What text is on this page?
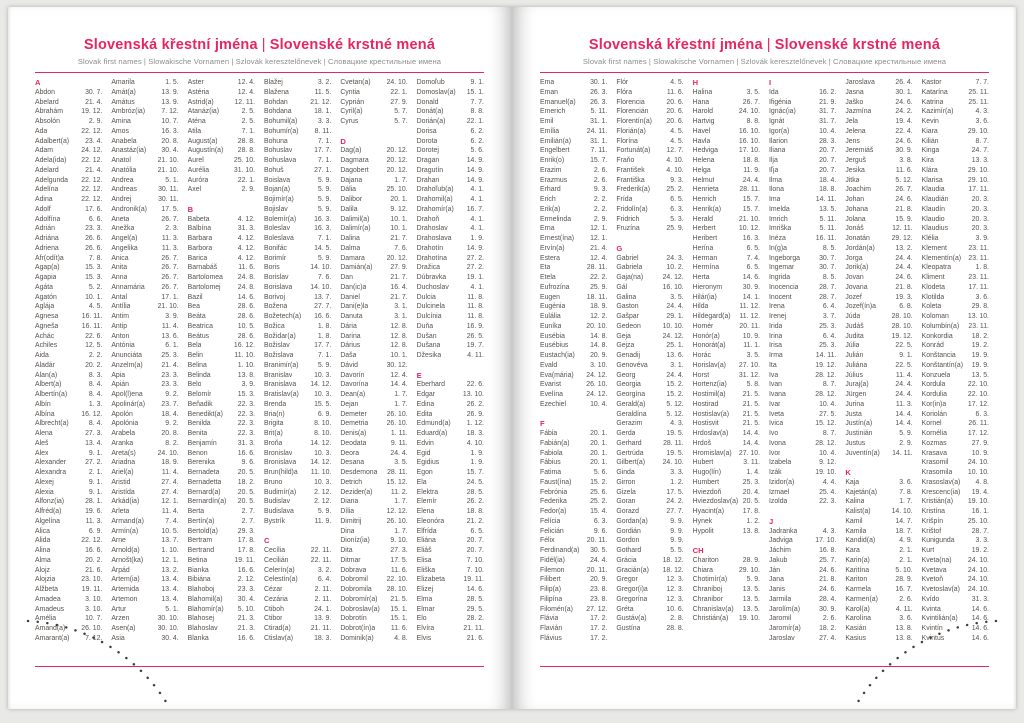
Slovenská křestní jména | Slovenské krstné mená

Slovak first names | Slowakische Vornamen | Szlovák keresztelőnevek | Словацкие крестильные имена

A
Abdon	30. 7.
Abelard	21. 4.
Abrahám	19. 12.
Absolón	2. 9.
Ada	22. 12.
Adalbert(a) 23. 4.
Adam	24. 12.
Adela(ida) 22. 12.
Adelard	21. 4.
Adelgunda 22. 12.
Adelína	22. 12.
Adina	22. 12.
Adolf	17. 6.
Adolfína	6. 6.
Adrián	23. 3.
Adriána	26. 6.
Adriena	26. 6.
Afr(odít)a	7. 8.
Agap(a)	15. 3.
Agapia	15. 3.
Agáta	5. 2.
Agatón	10. 1.
Aglája	4. 5.
Agnesa	16. 11.
Agneša	16. 11.
Achác	22. 6.
Achiles	12. 5.
Aida	2. 2.
Aladár	20. 2.
Alan(a)	8. 3.
Albert(a)	8. 4.
Albertín(a)	8. 4.
Albín	1. 3.
Albína	16. 12.
Albrecht(a)	8. 4.
Alena	27. 3.
Aleš	13. 4.
Alex	9. 1.
Alexander	27. 2.
Alexandra	2. 1.
Alexej	9. 1.
Alexia	9. 1.
Alfonz(ia)	28. 1.
Alfréd(a)	19. 6.
Algelína	11. 3.
Alica	6. 9.
Alida	22. 12.
Alina	16. 6.
Alma	20. 2.
Alojz	21. 6.
Alojzia	23. 10.
Alžbeta	19. 11.
Amadea	3. 10.
Amadeus	3. 10.
Amélia	10. 7.
Amand(a) 26. 10.
Amarant(a) 7. 12.
Amarila	1. 5.
Amát(a)	13. 9.
Amátus	13. 9.
Ambróz(ia) 7. 12.
Amina	10. 7.
Amos	16. 3.
Anabela	20. 8.
Anastáz(ia) 30. 4.
Anatol	21. 10.
Anatólia	21. 10.
Andrea	5. 1.
Andreas	30. 11.
Andrej	30. 11.
Andronik(a) 17. 5.
Aneta	26. 7.
Anežka	2. 3.
Angel(a)	11. 3.
Angelika	11. 3.
Anica	26. 7.
Anita	26. 7.
Anna	26. 7.
Annamária 26. 7.
Antal	17. 1.
Antília	21. 10.
Antim	3. 9.
Antip	11. 4.
Anton	13. 6.
Antónia	6. 1.
Anunciáta	25. 3.
Anzelm(a)	21. 4.
Apia	23. 3.
Apián	23. 3.
Apol(l)ena	9. 2.
Apolinár(a) 23. 7.
Apolón	18. 4.
Apolónia	9. 2.
Arabela	20. 8.
Aranka	8. 2.
Areta(s)	24. 10.
Ariadna	18. 9.
Ariel(a)	11. 4.
Aristid	27. 4.
Aristída	27. 4.
Arkád(ia)	12. 1.
Arleta	11. 4.
Armand(a)	7. 4.
Armín(a)	10. 5.
Arne	13. 7.
Arnold(a)	1. 10.
Arnošt(ka)	12. 1.
Árpád	13. 2.
Artem(ia)	13. 4.
Artemida	13. 4.
Artemon	13. 4.
Artur	5. 1.
Arzen	30. 10.
Asen(a)	30. 10.
Asia	30. 4.
Aster	12. 4.
Astéria	12. 4.
Astrid(a)	12. 11.
Atanáz(ia)	2. 5.
Aténa	2. 5.
Atila	7. 1.
August(a)	28. 8.
Augustín(a) 28. 8.
Aurel	25. 10.
Aurélia	31. 10.
Auróra	22. 1.
Axel	2. 9.
B
Babeta	4. 12.
Balbína	31. 3.
Barbara	4. 12.
Barbora	4. 12.
Barica	4. 12.
Barnabáš	11. 6.
Bartolomea 24. 8.
Bartolomej 24. 8.
Bazil	14. 6.
Bea	28. 6.
Beáta	28. 6.
Beatrica	10. 5.
Beátus	28. 6.
Bela	16. 12.
Belin	11. 10.
Belina	1. 10.
Belinda	13. 8.
Belo	3. 9.
Belomír	15. 3.
Beňadik	22. 3.
Benedikt(a) 22. 3.
Benilda	22. 3.
Benita	22. 3.
Benjamín	31. 3.
Benon	16. 6.
Berenika	9. 6.
Bernadeta	20. 5.
Bernadetta 18. 2.
Bernard(a) 20. 5.
Bernardín(a) 20. 5.
Berta	2. 7.
Bertín(a)	2. 7.
Bertold(a)	29. 3.
Bertram	17. 8.
Bertrand	17. 8.
Betina	19. 11.
Bianka	16. 6.
Bibiána	2. 12.
Blahoboj	23. 3.
Blahomil(a) 30. 4.
Blahomír(a) 5. 10.
Blahosej	21. 3.
Blahoslav	21. 3.
Blanka	16. 6.
Blažej	3. 2.
Blažena	11. 5.
Bohdan	21. 12.
Bohdana	18. 1.
Bohumil(a)	3. 3.
Bohumír(a) 8. 11.
Bohuna	7. 1.
Bohuslav	17. 7.
Bohuslava	7. 1.
Bohuš	27. 1.
Boislava	5. 9.
Bojan(a)	5. 9.
Bojimír(a)	5. 9.
Bojislav	5. 9.
Bolemír(a)	16. 3.
Boleslav	16. 3.
Boleslava	7. 1.
Bonifác	14. 5.
Borimír	5. 9.
Boris	14. 10.
Borislav	7. 6.
Borislava	14. 10.
Borivoj	13. 7.
Božena	27. 7.
Božetech(a) 16. 6.
Božica	1. 8.
Božidar(a)	1. 8.
Božislav	17. 7.
Božislava	7. 1.
Branimír(a)	5. 9.
Branislav	10. 3.
Branislava 14. 12.
Bratislav(a) 10. 3.
Brenda	15. 5.
Bria(n)	6. 9.
Brigita	8. 10.
Brit(a)	8. 10.
Broňa	14. 12.
Bronislav	10. 3.
Bronislava 14. 12.
Brun(hild)a 11. 10.
Bruno	10. 3.
Budimír(a)	2. 12.
Budislav	2. 12.
Budislava	5. 9.
Bystrík	11. 9.
C
Cecília	22. 11.
Cecilián	22. 11.
Celerín(a)	3. 2.
Celestín(a)	6. 4.
Cézar	2. 11.
Cezária	2. 11.
Ctiboh	24. 1.
Ctibor	13. 9.
Ctirad(a)	21. 11.
Ctislav(a)	18. 3.
Cvetan(a) 24. 10.
Cyntia	22. 1.
Cyprián	27. 9.
Cyril(a)	5. 7.
Cyrus	5. 7.
D
Dag(a)	20. 12.
Dagmara	20. 12.
Dagobert	20. 12.
Dajana	1. 7.
Dália	25. 10.
Dalibor	20. 1.
Dalila	9. 12.
Dalimil(a)	10. 1.
Dalimír(a)	10. 1.
Dalina	21. 7.
Dalma	7. 6.
Damara	20. 12.
Damián(a)	27. 9.
Dan	21. 7.
Dan(ic)a	16. 4.
Daniel	21. 7.
Dani(e)la	3. 1.
Danuta	3. 1.
Dária	12. 8.
Darina	12. 8.
Dárius	12. 8.
Daša	10. 1.
Dávid	30. 12.
Davorín	12. 4.
Davorína	14. 4.
Dean(a)	1. 7.
Dejan	1. 7.
Demeter	26. 10.
Demetria	26. 10.
Denis(a)	1. 11.
Deodata	9. 11.
Deora	24. 4.
Desana	3. 5.
Desdemona 28. 11.
Detrich	15. 12.
Dezider(a)	11. 2.
Diana	1. 7.
Dília	12. 12.
Dimitrij	26. 10.
Dina	1. 7.
Dioníz(ia)	9. 10.
Dita	27. 3.
Ditmar	17. 5.
Dobrava	11. 6.
Dobromil	22. 10.
Dobromila 28. 10.
Dobromír(a) 21. 5.
Dobroslav(a) 15. 1.
Dobrotín	15. 1.
Dobrot(ín)a 11. 6.
Dominik(a)	4. 8.
Domoľub	9. 1.
Domoslav(a) 15. 1.
Donald	7. 7.
Donát(a)	8. 8.
Dorián(a)	22. 1.
Dorisa	6. 2.
Dorota	6. 2.
Dorotej	5. 6.
Dragan	14. 9.
Dragutín	14. 9.
Drahan	14. 9.
Drahoľub(a) 4. 1.
Drahomil(a)	4. 1.
Drahomír(a) 16. 7.
Drahoň	4. 1.
Drahoslav	4. 1.
Drahoslava	1. 9.
Drahotín	14. 9.
Drahotína	27. 2.
Dražica	27. 2.
Dúbravka	19. 1.
Duchoslav	4. 1.
Dulcia	11. 8.
Dulcinela	11. 8.
Dulcínia	11. 8.
Duňa	16. 9.
Dušan	26. 5.
Dušana	19. 7.
Džesika	4. 11.
E
Eberhard	22. 6.
Edgar	13. 10.
Edina	26. 2.
Edita	26. 9.
Edmund(a) 1. 12.
Eduard(a)	18. 3.
Edvin	4. 10.
Egid	1. 9.
Egidius	1. 9.
Egon	15. 7.
Ela	24. 5.
Elektra	28. 5.
Elemír	26. 2.
Elena	18. 8.
Eleonóra	21. 2.
Elfrída	6. 5.
Eliána	20. 7.
Eliáš	20. 7.
Elisa	7. 10.
Eliška	7. 10.
Elizabeta	19. 11.
Elizej	14. 6.
Elma	28. 5.
Elmar	29. 5.
Elo	28. 2.
Elvíra	21. 11.
Elvis	21. 6.
Slovenská křestní jména | Slovenské krstné mená

Slovak first names | Slowakische Vornamen | Szlovák keresztelőnevek | Словацкие крестильные имена

Ema	30. 1.
Eman	26. 3.
Emanuel(a) 26. 3.
Emerich	5. 11.
Emil	31. 1.
Emília	24. 11.
Emilián(a)	31. 1.
Engelbert	7. 11.
Enrik(o)	15. 7.
Erazim	2. 6.
Erazmus	2. 6.
Erhard	9. 3.
Erich	2. 2.
Erik(a)	2. 2.
Ermelinda	2. 9.
Erna	12. 1.
Ernest(ína) 12. 1.
Ervín(a)	21. 4.
Estera	12. 4.
Eta	28. 11.
Etela	22. 2.
Eufrozína	25. 9.
Eugen	18. 11.
Eugénia	18. 9.
Eulália	12. 2.
Euníka	20. 10.
Eusébia	14. 8.
Eusébius	14. 8.
Eustach(ia) 20. 9.
Evald	3. 10.
Eva(mária) 24. 12.
Evarist	26. 10.
Evelína	24. 12.
Ezechiel	10. 4.
F
Fábia	20. 1.
Fabián(a)	20. 1.
Fabiola	20. 1.
Fábius	20. 1.
Fatima	5. 6.
Faust(ína)	15. 2.
Febrónia	25. 6.
Federika	25. 2.
Fedor(a)	15. 4.
Felícia	6. 3.
Felicián	9. 6.
Félix	20. 11.
Ferdinand(a) 30. 5.
Fidél(ia)	24. 4.
Filemon	20. 11.
Filibert	20. 9.
Filip(a)	23. 8.
Filipína	23. 8.
Filomén(a) 27. 12.
Flávia	17. 2.
Flavián	17. 2.
Flávius	17. 2.
Flór	4. 5.
Flóra	11. 6.
Florencia	20. 6.
Florencián	20. 6.
Florentín(a) 20. 6.
Florián(a)	4. 5.
Florína	4. 5.
Fortunát(a) 12. 7.
Fraňo	4. 10.
František	4. 10.
Františka	9. 3.
Frederik(a) 25. 2.
Frída	6. 5.
Fridolín(a)	6. 3.
Fridrich	5. 3.
Fruzína	25. 9.
G
Gabriel	24. 3.
Gabriela	10. 2.
Gaja(na)	24. 12.
Gál	16. 10.
Galina	3. 5.
Gaston	24. 4.
Gašpar	29. 1.
Gedeon	10. 10.
Geja	24. 12.
Gejza	25. 1.
Genadij	13. 6.
Genovéva	3. 1.
Georg	24. 4.
Georgia	15. 2.
Georgína	15. 2.
Gerald(a)	5. 12.
Geraldína	5. 12.
Gerazim	4. 3.
Gerda	19. 5.
Gerhard	28. 11.
Gertrúda	19. 5.
Gilbert(a)	24. 10.
Ginda	3. 3.
Girron	1. 2.
Gizela	17. 5.
Goran	24. 2.
Gorazd	27. 7.
Gordan(a)	9. 9.
Gordián	9. 9.
Gordon	9. 9.
Gothard	5. 5.
Grácia	18. 12.
Gracián(a) 18. 12.
Gregor	12. 3.
Gregor(i)a	12. 3.
Gregorína	12. 3.
Gréta	10. 6.
Gustáv(a)	2. 8.
Gustína	28. 8.
H
Halina	3. 5.
Hana	26. 7.
Harold	24. 10.
Hartvig	8. 8.
Havel	16. 10.
Havla	16. 10.
Hedviga	17. 10.
Helena	18. 8.
Helga	11. 9.
Helmut	24. 4.
Henrieta	28. 11.
Henrich	15. 7.
Henrik(a)	15. 7.
Herald	21. 10.
Herbert	10. 12.
Heribert	16. 3.
Herína	6. 5.
Herman	7. 4.
Hermína	6. 5.
Herta	14. 6.
Hieronym	30. 9.
Hilár(ia)	14. 1.
Hilda	11. 12.
Hildegard(a) 11. 12.
Homér	20. 11.
Honór(a)	10. 9.
Honorát(a)	11. 1.
Horác	3. 5.
Horislav(a) 27. 10.
Horst	31. 12.
Hortenz(ia)	5. 8.
Hostimil(a) 21. 5.
Hostirad	21. 5.
Hostislav(a) 21. 5.
Hostisvit	21. 5.
Hrdoslav(a) 14. 4.
Hrdoš	14. 4.
Hromislav(a) 27. 10.
Hubert	3. 11.
Hugo(lín)	1. 4.
Humbert	25. 3.
Hviezdoň	20. 4.
Hviezdoslav(a) 20. 5.
Hyacint(a)	17. 8.
Hynek	1. 2.
Hypolit	13. 8.
CH
Chariton	28. 9.
Chiara	29. 10.
Chotimír(a)	5. 9.
Chraniboj	13. 5.
Chranibor	13. 5.
Chranislav(a) 13. 5.
Christián(a) 19. 10.
I
Ida	16. 2.
Ifigénia	21. 9.
Ignác(ia)	31. 7.
Ignát	31. 7.
Igor(a)	10. 4.
Ilarion	28. 3.
Iliana	20. 7.
Ilja	20. 7.
Iľja	20. 7.
Ilma	18. 4.
Ilona	18. 8.
Ima	14. 11.
Imelda	13. 5.
Imrich	5. 11.
Imriška	5. 11.
Inéza	16. 11.
In(g)a	8. 5.
Ingeborga	30. 7.
Ingemar	30. 7.
Ingrida	8. 5.
Inocencia	28. 7.
Inocent	28. 7.
Irena	6. 4.
Irenej	3. 7.
Irida	25. 3.
Irina	6. 4.
Irisa	25. 3.
Irma	14. 11.
Ita	19. 12.
Iva	28. 12.
Ivan	8. 7.
Ivana	28. 12.
Ivar	10. 4.
Iveta	27. 5.
Ivica	15. 12.
Ivo	8. 7.
Ivona	28. 12.
Ivor	10. 4.
Izabela	9. 12.
Izák	19. 10.
Izidor(a)	4. 4.
Izmael	25. 4.
Izolda	22. 3.
J
Jadranka	4. 3.
Jadviga	17. 10.
Jáchim	16. 8.
Jakub	25. 7.
Ján	24. 6.
Jana	21. 8.
Janis	24. 6.
Jarmila	28. 4.
Jarolím(a)	30. 9.
Jaromil	2. 6.
Jaromír(a)	18. 2.
Jaroslav	27. 4.
Jaroslava	26. 4.
Jasna	30. 1.
Jaško	24. 6.
Jazmína	24. 2.
Jela	19. 4.
Jelena	22. 4.
Jens	24. 6.
Jeremiáš	30. 9.
Jerguš	3. 8.
Jesika	11. 6.
Jitka	5. 12.
Joachim	26. 7.
Johan	24. 6.
Johana	21. 8.
Jolana	15. 9.
Jonáš	12. 11.
Jonatán	29. 12.
Jordán(a)	13. 2.
Jorga	24. 4.
Jorik(a)	24. 4.
Jovan	24. 6.
Jovana	21. 8.
Jozef	19. 3.
Jozef(ín)a	6. 8.
Júda	28. 10.
Judáš	28. 10.
Judita	19. 12.
Júlia	22. 5.
Julián	9. 1.
Juliána	22. 5.
Július	11. 4.
Juraj(a)	24. 4.
Jürgen	24. 4.
Jurina	11. 3.
Justa	14. 4.
Justín(a)	14. 4.
Justinián	5. 9.
Justus	2. 9.
Juventín(a) 14. 11.
K
Kaja	3. 6.
Kajetán(a)	7. 8.
Kalina	1. 7.
Kalist(a)	14. 10.
Kamil	14. 7.
Kamila	18. 7.
Kandid(a)	4. 9.
Kara	2. 1.
Karin(a)	2. 1.
Karitína	5. 10.
Kariton	28. 9.
Karmela	16. 7.
Karmen(a)	2. 6.
Karol(a)	4. 11.
Karolína	3. 6.
Kasián	13. 8.
Kasius	13. 8.
Kastor	7. 7.
Katarína	25. 11.
Katrina	25. 11.
Kazimír(a)	4. 3.
Kevin	3. 6.
Kiara	29. 10.
Kilián	8. 7.
Kinga	24. 7.
Kira	13. 3.
Klára	29. 10.
Klarisa	29. 10.
Klaudia	17. 11.
Klaudián	20. 3.
Klaudín	20. 3.
Klaudio	20. 3.
Klaudius	20. 3.
Klélia	3. 9.
Klement	23. 11.
Klementín(a) 23. 11.
Kleopatra	1. 8.
Kliment	23. 11.
Klodeta	17. 11.
Klotilda	3. 6.
Koleta	29. 8.
Koloman	13. 10.
Kolumbín(a) 23. 11.
Konkordia	18. 2.
Konrád	19. 2.
Konštancia 19. 9.
Konštantín(a) 19. 9.
Konzuela	13. 5.
Kordula	22. 10.
Kordulia	22. 10.
Kor(in)a	17. 12.
Koriolán	6. 3.
Kornel	26. 11.
Kornélia	17. 12.
Kozmas	27. 9.
Krasava	10. 9.
Krasomil	24. 10.
Krasomila 10. 10.
Krasoslav(a) 4. 8.
Krescenc(ia) 19. 4.
Kristián(a) 19. 10.
Kristína	16. 1.
Krišpín	25. 10.
Krištof	28. 7.
Kunigunda	3. 3.
Kurt	19. 2.
Kveta(na) 24. 10.
Kvetava	24. 10.
Kvetoň	24. 10.
Kvetoslav(a) 24. 10.
Kvído	31. 3.
Kvinta	14. 6.
Kvintilián(a) 14. 6.
Kvintín	14. 6.
Kvintus	14. 6.
